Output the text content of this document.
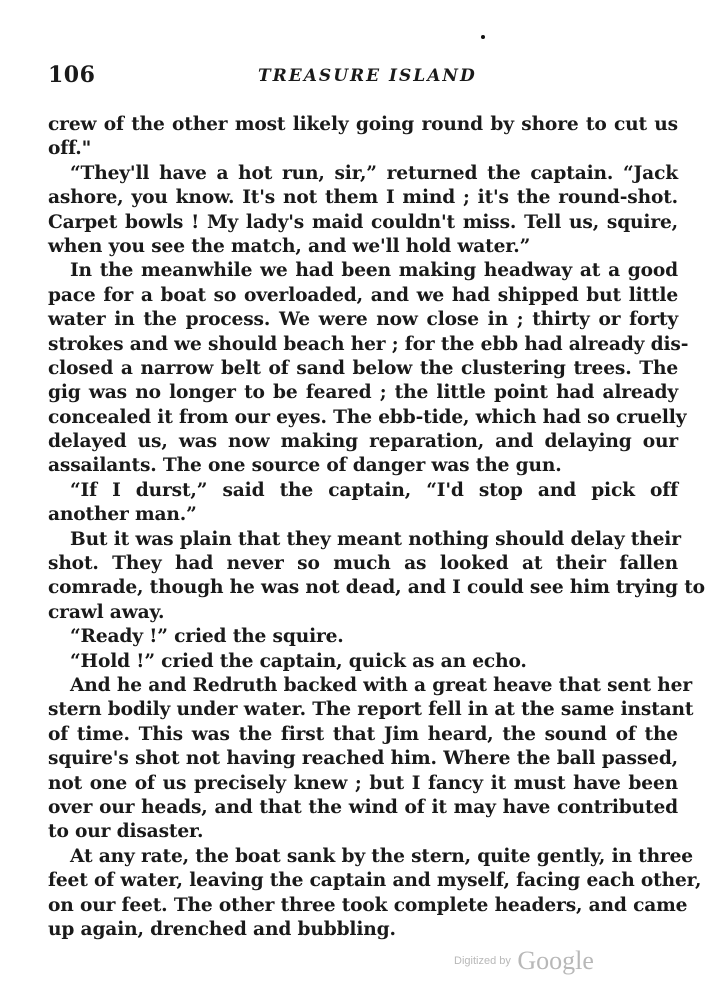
106	TREASURE ISLAND
crew of the other most likely going round by shore to cut us
off."
“They'll have a hot run, sir,” returned the captain. “Jack
ashore, you know. It's not them I mind ; it's the round-shot.
Carpet bowls ! My lady's maid couldn't miss. Tell us, squire,
when you see the match, and we'll hold water.”
In the meanwhile we had been making headway at a good
pace for a boat so overloaded, and we had shipped but little
water in the process. We were now close in ; thirty or forty
strokes and we should beach her ; for the ebb had already dis-
closed a narrow belt of sand below the clustering trees. The
gig was no longer to be feared ; the little point had already
concealed it from our eyes. The ebb-tide, which had so cruelly
delayed us, was now making reparation, and delaying our
assailants. The one source of danger was the gun.
“If I durst,” said the captain, “I'd stop and pick off
another man.”
But it was plain that they meant nothing should delay their
shot. They had never so much as looked at their fallen
comrade, though he was not dead, and I could see him trying to
crawl away.
“Ready !” cried the squire.
“Hold !” cried the captain, quick as an echo.
And he and Redruth backed with a great heave that sent her
stern bodily under water. The report fell in at the same instant
of time. This was the first that Jim heard, the sound of the
squire's shot not having reached him. Where the ball passed,
not one of us precisely knew ; but I fancy it must have been
over our heads, and that the wind of it may have contributed
to our disaster.
At any rate, the boat sank by the stern, quite gently, in three
feet of water, leaving the captain and myself, facing each other,
on our feet. The other three took complete headers, and came
up again, drenched and bubbling.
Digitized by Google
